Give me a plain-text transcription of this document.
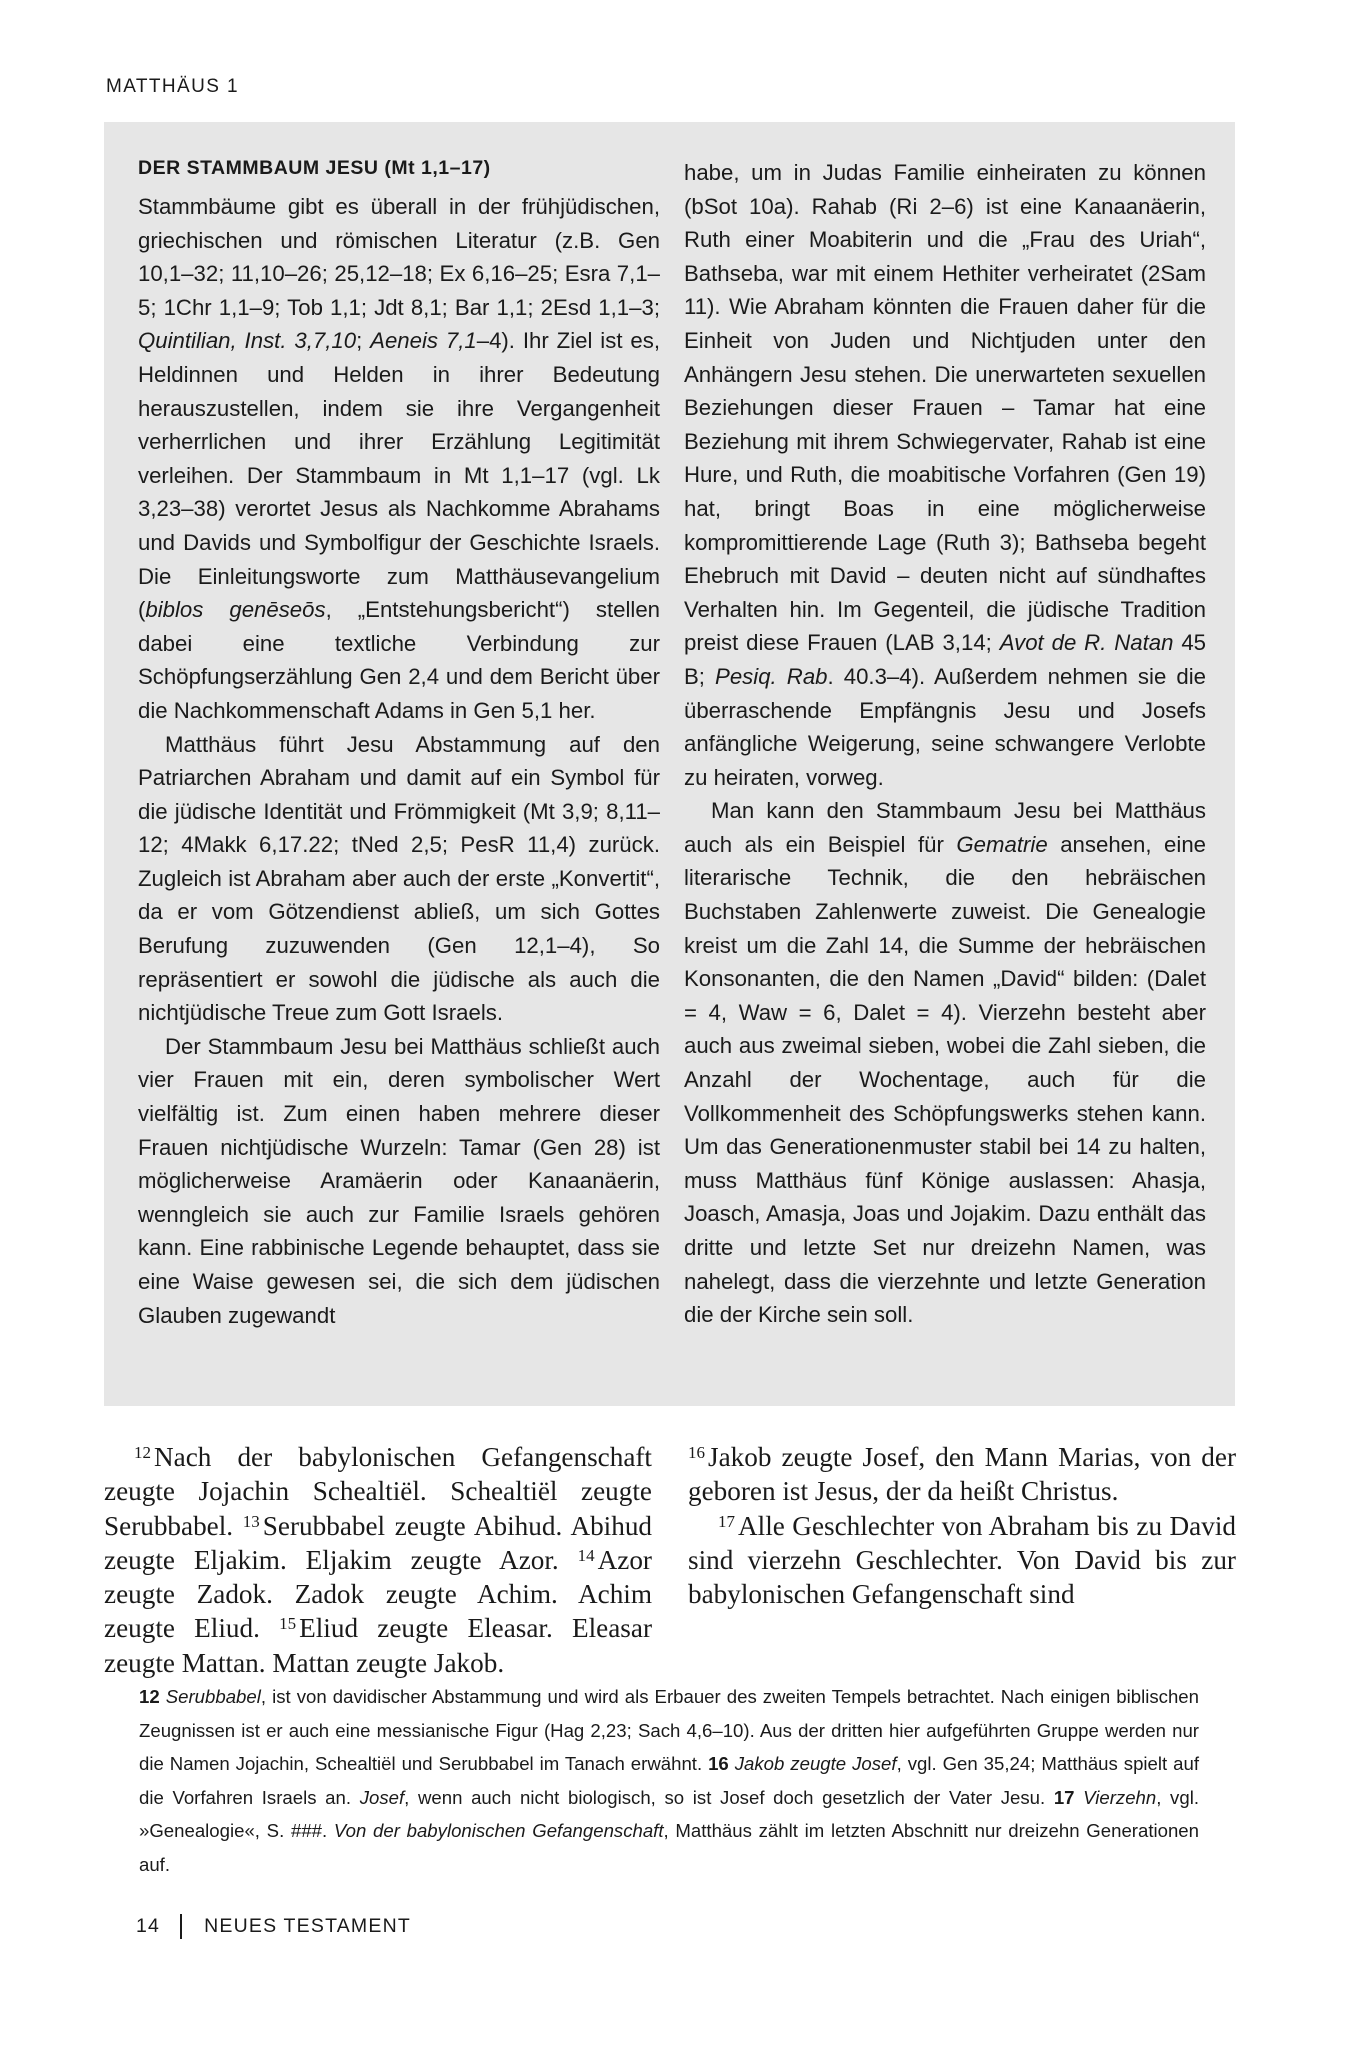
MATTHÄUS 1

DER STAMMBAUM JESU (Mt 1,1–17)

Stammbäume gibt es überall in der frühjüdischen, griechischen und römischen Literatur (z.B. Gen 10,1–32; 11,10–26; 25,12–18; Ex 6,16–25; Esra 7,1–5; 1Chr 1,1–9; Tob 1,1; Jdt 8,1; Bar 1,1; 2Esd 1,1–3; Quintilian, Inst. 3,7,10; Aeneis 7,1–4). Ihr Ziel ist es, Heldinnen und Helden in ihrer Bedeutung herauszustellen, indem sie ihre Vergangenheit verherrlichen und ihrer Erzählung Legitimität verleihen. Der Stammbaum in Mt 1,1–17 (vgl. Lk 3,23–38) verortet Jesus als Nachkomme Abrahams und Davids und Symbolfigur der Geschichte Israels. Die Einleitungsworte zum Matthäusevangelium (biblos genēseōs, „Entstehungsbericht“) stellen dabei eine textliche Verbindung zur Schöpfungserzählung Gen 2,4 und dem Bericht über die Nachkommenschaft Adams in Gen 5,1 her.

Matthäus führt Jesu Abstammung auf den Patriarchen Abraham und damit auf ein Symbol für die jüdische Identität und Frömmigkeit (Mt 3,9; 8,11–12; 4Makk 6,17.22; tNed 2,5; PesR 11,4) zurück. Zugleich ist Abraham aber auch der erste „Konvertit“, da er vom Götzendienst abließ, um sich Gottes Berufung zuzuwenden (Gen 12,1–4), So repräsentiert er sowohl die jüdische als auch die nichtjüdische Treue zum Gott Israels.

Der Stammbaum Jesu bei Matthäus schließt auch vier Frauen mit ein, deren symbolischer Wert vielfältig ist. Zum einen haben mehrere dieser Frauen nichtjüdische Wurzeln: Tamar (Gen 28) ist möglicherweise Aramäerin oder Kanaanäerin, wenngleich sie auch zur Familie Israels gehören kann. Eine rabbinische Legende behauptet, dass sie eine Waise gewesen sei, die sich dem jüdischen Glauben zugewandt

habe, um in Judas Familie einheiraten zu können (bSot 10a). Rahab (Ri 2–6) ist eine Kanaanäerin, Ruth einer Moabiterin und die „Frau des Uriah“, Bathseba, war mit einem Hethiter verheiratet (2Sam 11). Wie Abraham könnten die Frauen daher für die Einheit von Juden und Nichtjuden unter den Anhängern Jesu stehen. Die unerwarteten sexuellen Beziehungen dieser Frauen – Tamar hat eine Beziehung mit ihrem Schwiegervater, Rahab ist eine Hure, und Ruth, die moabitische Vorfahren (Gen 19) hat, bringt Boas in eine möglicherweise kompromittierende Lage (Ruth 3); Bathseba begeht Ehebruch mit David – deuten nicht auf sündhaftes Verhalten hin. Im Gegenteil, die jüdische Tradition preist diese Frauen (LAB 3,14; Avot de R. Natan 45 B; Pesiq. Rab. 40.3–4). Außerdem nehmen sie die überraschende Empfängnis Jesu und Josefs anfängliche Weigerung, seine schwangere Verlobte zu heiraten, vorweg.

Man kann den Stammbaum Jesu bei Matthäus auch als ein Beispiel für Gematrie ansehen, eine literarische Technik, die den hebräischen Buchstaben Zahlenwerte zuweist. Die Genealogie kreist um die Zahl 14, die Summe der hebräischen Konsonanten, die den Namen „David“ bilden: (Dalet = 4, Waw = 6, Dalet = 4). Vierzehn besteht aber auch aus zweimal sieben, wobei die Zahl sieben, die Anzahl der Wochentage, auch für die Vollkommenheit des Schöpfungswerks stehen kann. Um das Generationenmuster stabil bei 14 zu halten, muss Matthäus fünf Könige auslassen: Ahasja, Joasch, Amasja, Joas und Jojakim. Dazu enthält das dritte und letzte Set nur dreizehn Namen, was nahelegt, dass die vierzehnte und letzte Generation die der Kirche sein soll.

$^{12}$ Nach der babylonischen Gefangenschaft zeugte Jojachin Schealtiël. Schealtiël zeugte Serubbabel. $^{13}$ Serubbabel zeugte Abihud. Abihud zeugte Eljakim. Eljakim zeugte Azor. $^{14}$ Azor zeugte Zadok. Zadok zeugte Achim. Achim zeugte Eliud. $^{15}$ Eliud zeugte Eleasar. Eleasar zeugte Mattan. Mattan zeugte Jakob.

$^{16}$ Jakob zeugte Josef, den Mann Marias, von der geboren ist Jesus, der da heißt Christus.

$^{17}$ Alle Geschlechter von Abraham bis zu David sind vierzehn Geschlechter. Von David bis zur babylonischen Gefangenschaft sind

12 Serubbabel, ist von davidischer Abstammung und wird als Erbauer des zweiten Tempels betrachtet. Nach einigen biblischen Zeugnissen ist er auch eine messianische Figur (Hag 2,23; Sach 4,6–10). Aus der dritten hier aufgeführten Gruppe werden nur die Namen Jojachin, Schealtiël und Serubbabel im Tanach erwähnt. 16 Jakob zeugte Josef, vgl. Gen 35,24; Matthäus spielt auf die Vorfahren Israels an. Josef, wenn auch nicht biologisch, so ist Josef doch gesetzlich der Vater Jesu. 17 Vierzehn, vgl. »Genealogie«, S. ###. Von der babylonischen Gefangenschaft, Matthäus zählt im letzten Abschnitt nur dreizehn Generationen auf.

14 NEUES TESTAMENT
